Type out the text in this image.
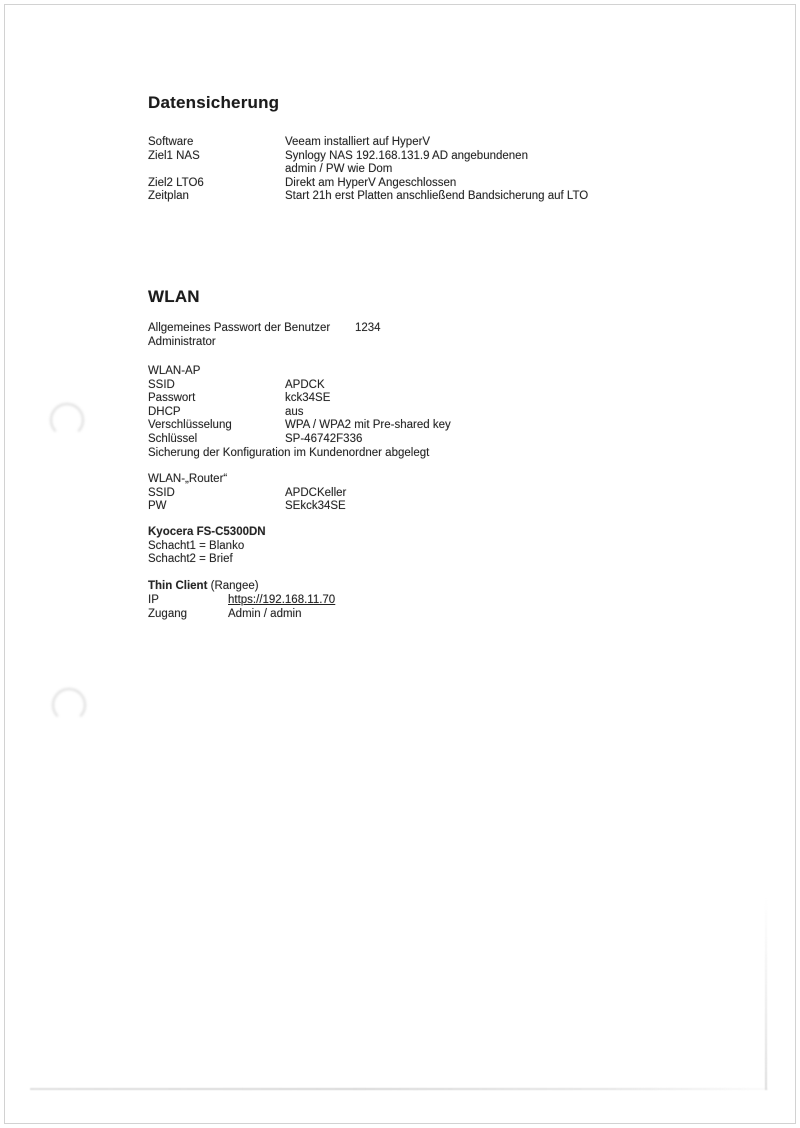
Datensicherung
Software	Veeam installiert auf HyperV
Ziel1 NAS	Synlogy NAS 192.168.131.9 AD angebundenen
admin / PW wie Dom
Ziel2 LTO6	Direkt am HyperV Angeschlossen
Zeitplan	Start 21h erst Platten anschließend Bandsicherung auf LTO
WLAN
Allgemeines Passwort der Benutzer	1234
Administrator
WLAN-AP
SSID	APDCK
Passwort	kck34SE
DHCP	aus
Verschlüsselung	WPA / WPA2 mit Pre-shared key
Schlüssel	SP-46742F336
Sicherung der Konfiguration im Kundenordner abgelegt
WLAN-„Router“
SSID	APDCKeller
PW	SEkck34SE
Kyocera FS-C5300DN
Schacht1 = Blanko
Schacht2 = Brief
Thin Client (Rangee)
IP	https://192.168.11.70
Zugang	Admin / admin
